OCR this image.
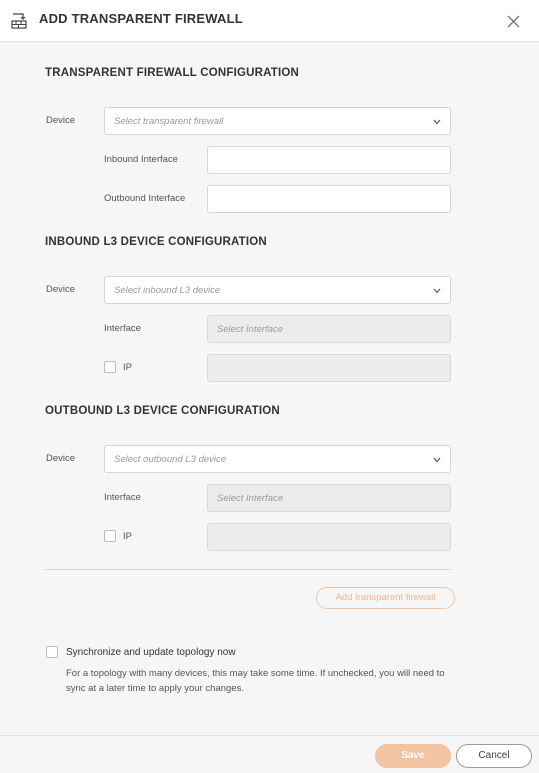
ADD TRANSPARENT FIREWALL
TRANSPARENT FIREWALL CONFIGURATION
Device	Select transparent firewall
Inbound Interface
Outbound Interface
INBOUND L3 DEVICE CONFIGURATION
Device	Select inbound L3 device
Interface	Select Interface
IP
OUTBOUND L3 DEVICE CONFIGURATION
Device	Select outbound L3 device
Interface	Select Interface
IP
Add transparent firewall
Synchronize and update topology now
For a topology with many devices, this may take some time. If unchecked, you will need to sync at a later time to apply your changes.
Save	Cancel
